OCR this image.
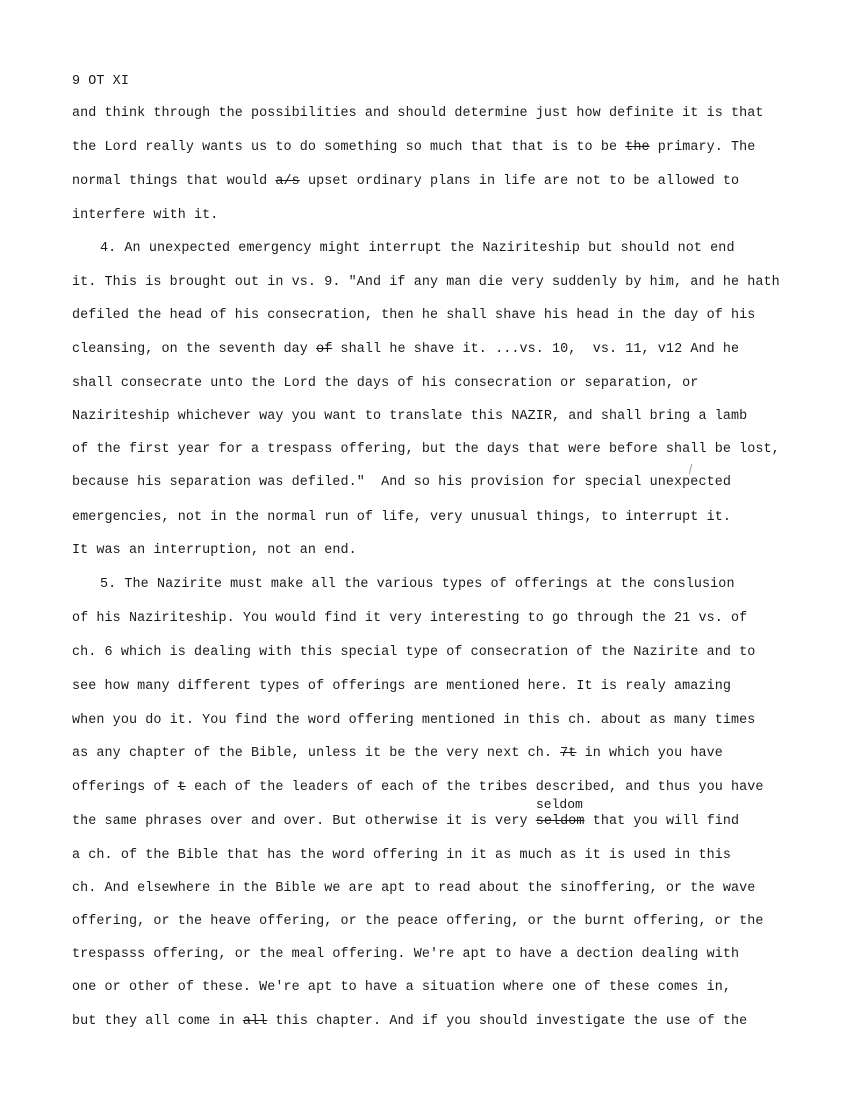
9 OT XI
and think through the possibilities and should determine just how definite it is that
the Lord really wants us to do something so much that that is to be the primary. The
normal things that would a/s upset ordinary plans in life are not to be allowed to
interfere with it.
4. An unexpected emergency might interrupt the Naziriteship but should not end
it. This is brought out in vs. 9. "And if any man die very suddenly by him, and he hath
defiled the head of his consecration, then he shall shave his head in the day of his
cleansing, on the seventh day of shall he shave it. ...vs. 10,  vs. 11, v12 And he
shall consecrate unto the Lord the days of his consecration or separation, or
Naziriteship whichever way you want to translate this NAZIR, and shall bring a lamb
of the first year for a trespass offering, but the days that were before shall be lost,
because his separation was defiled."  And so his provision for special unexpected
emergencies, not in the normal run of life, very unusual things, to interrupt it.
It was an interruption, not an end.
5. The Nazirite must make all the various types of offerings at the conslusion
of his Naziriteship. You would find it very interesting to go through the 21 vs. of
ch. 6 which is dealing with this special type of consecration of the Nazirite and to
see how many different types of offerings are mentioned here. It is realy amazing
when you do it. You find the word offering mentioned in this ch. about as many times
as any chapter of the Bible, unless it be the very next ch. 7t in which you have
offerings of t each of the leaders of each of the tribes described, and thus you have
seldom
the same phrases over and over. But otherwise it is very seldom that you will find
a ch. of the Bible that has the word offering in it as much as it is used in this
ch. And elsewhere in the Bible we are apt to read about the sinoffering, or the wave
offering, or the heave offering, or the peace offering, or the burnt offering, or the
trespasss offering, or the meal offering. We're apt to have a dection dealing with
one or other of these. We're apt to have a situation where one of these comes in,
but they all come in all this chapter. And if you should investigate the use of the
